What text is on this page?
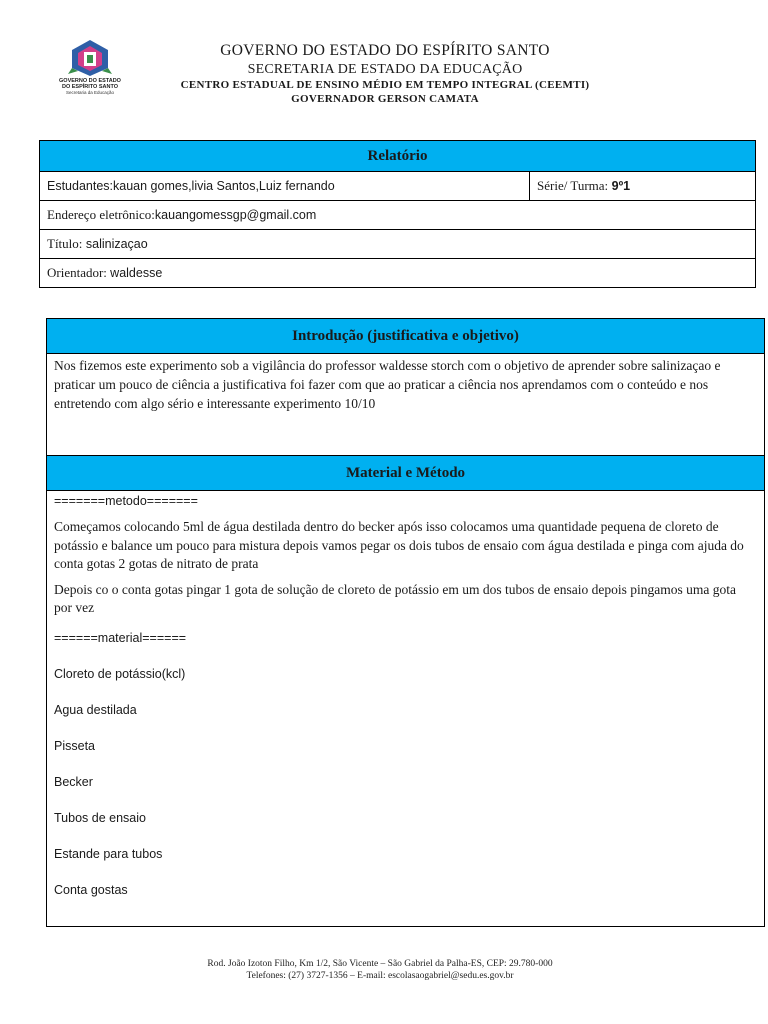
GOVERNO DO ESTADO
DO ESPÍRITO SANTO
Secretaria da Educação
GOVERNO DO ESTADO DO ESPÍRITO SANTO
SECRETARIA DE ESTADO DA EDUCAÇÃO
CENTRO ESTADUAL DE ENSINO MÉDIO EM TEMPO INTEGRAL (CEEMTI)
GOVERNADOR GERSON CAMATA
Relatório
Estudantes:kauan gomes,livia Santos,Luiz fernando	Série/ Turma: 9º1
Endereço eletrônico:kauangomessgp@gmail.com
Título: salinizaçao
Orientador: waldesse
Introdução (justificativa e objetivo)
Nos fizemos este experimento sob a vigilância do professor waldesse storch com o objetivo de aprender sobre salinizaçao e praticar um pouco de ciência a justificativa foi fazer com que ao praticar a ciência nos aprendamos com o conteúdo e nos entretendo com algo sério e interessante experimento 10/10
Material e Método

=======metodo=======
Começamos colocando 5ml de água destilada dentro do becker após isso colocamos uma quantidade pequena de cloreto de potássio e balance um pouco para mistura depois vamos pegar os dois tubos de ensaio com água destilada e pinga com ajuda do conta gotas 2 gotas de nitrato de prata
Depois co o conta gotas pingar 1 gota de solução de cloreto de potássio em um dos tubos de ensaio depois pingamos uma gota por vez
======material======
Cloreto de potássio(kcl)
Agua destilada
Pisseta
Becker
Tubos de ensaio
Estande para tubos
Conta gostas
Rod. João Izoton Filho, Km 1/2, São Vicente – São Gabriel da Palha-ES, CEP: 29.780-000
Telefones: (27) 3727-1356 – E-mail: escolasaogabriel@sedu.es.gov.br
